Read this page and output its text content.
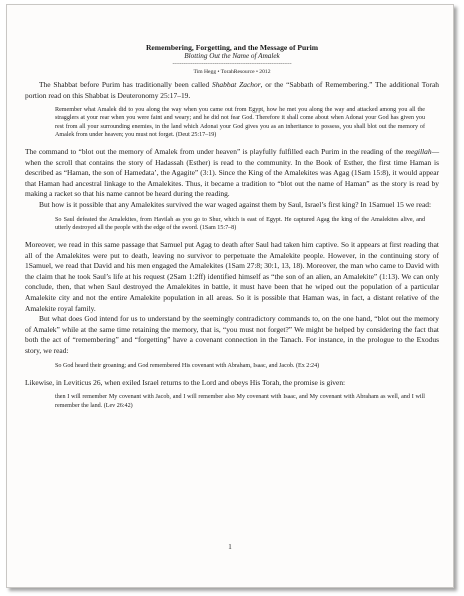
Remembering, Forgetting, and the Message of Purim
Blotting Out the Name of Amalek
-----------------------------------------------------------------
Tim Hegg • TorahResource • 2012

The Shabbat before Purim has traditionally been called Shabbat Zachor, or the “Sabbath of Remembering.” The additional Torah portion read on this Shabbat is Deuteronomy 25:17–19.

Remember what Amalek did to you along the way when you came out from Egypt, how he met you along the way and attacked among you all the stragglers at your rear when you were faint and weary; and he did not fear God. Therefore it shall come about when Adonai your God has given you rest from all your surrounding enemies, in the land which Adonai your God gives you as an inheritance to possess, you shall blot out the memory of Amalek from under heaven; you must not forget. (Deut 25:17–19)

The command to “blot out the memory of Amalek from under heaven” is playfully fulfilled each Purim in the reading of the megillah—when the scroll that contains the story of Hadassah (Esther) is read to the community. In the Book of Esther, the first time Haman is described as “Haman, the son of Hamedata’, the Agagite” (3:1). Since the King of the Amalekites was Agag (1Sam 15:8), it would appear that Haman had ancestral linkage to the Amalekites. Thus, it became a tradition to “blot out the name of Haman” as the story is read by making a racket so that his name cannot be heard during the reading.

But how is it possible that any Amalekites survived the war waged against them by Saul, Israel’s first king? In 1Samuel 15 we read:

So Saul defeated the Amalekites, from Havilah as you go to Shur, which is east of Egypt. He captured Agag the king of the Amalekites alive, and utterly destroyed all the people with the edge of the sword. (1Sam 15:7–8)

Moreover, we read in this same passage that Samuel put Agag to death after Saul had taken him captive. So it appears at first reading that all of the Amalekites were put to death, leaving no survivor to perpetuate the Amalekite people. However, in the continuing story of 1Samuel, we read that David and his men engaged the Amalekites (1Sam 27:8; 30:1, 13, 18). Moreover, the man who came to David with the claim that he took Saul’s life at his request (2Sam 1:2ff) identified himself as “the son of an alien, an Amalekite” (1:13). We can only conclude, then, that when Saul destroyed the Amalekites in battle, it must have been that he wiped out the population of a particular Amalekite city and not the entire Amalekite population in all areas. So it is possible that Haman was, in fact, a distant relative of the Amalekite royal family.

But what does God intend for us to understand by the seemingly contradictory commands to, on the one hand, “blot out the memory of Amalek” while at the same time retaining the memory, that is, “you must not forget?” We might be helped by considering the fact that both the act of “remembering” and “forgetting” have a covenant connection in the Tanach. For instance, in the prologue to the Exodus story, we read:

So God heard their groaning; and God remembered His covenant with Abraham, Isaac, and Jacob. (Ex 2:24)

Likewise, in Leviticus 26, when exiled Israel returns to the Lord and obeys His Torah, the promise is given:

then I will remember My covenant with Jacob, and I will remember also My covenant with Isaac, and My covenant with Abraham as well, and I will remember the land. (Lev 26:42)
1
